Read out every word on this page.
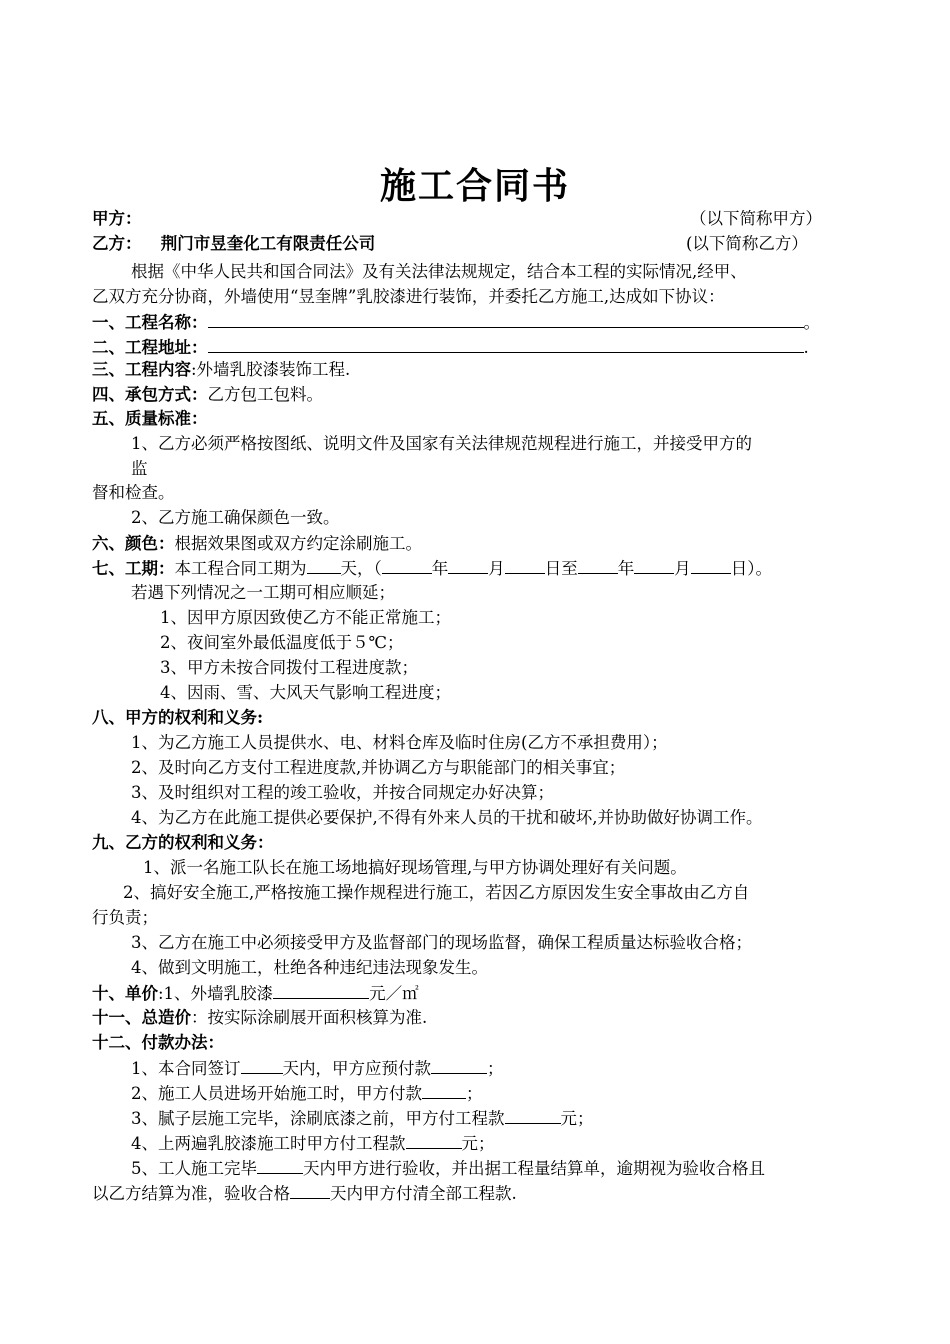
施工合同书
甲方：	（以下简称甲方）
乙方： 荆门市昱奎化工有限责任公司	(以下简称乙方）
根据《中华人民共和国合同法》及有关法律法规规定，结合本工程的实际情况,经甲、
乙双方充分协商，外墙使用“昱奎牌”乳胶漆进行装饰，并委托乙方施工,达成如下协议：
一、工程名称：	。
二、工程地址：	.
三、工程内容:外墙乳胶漆装饰工程.
四、承包方式：乙方包工包料。
五、质量标准：
1、乙方必须严格按图纸、说明文件及国家有关法律规范规程进行施工，并接受甲方的
监
督和检查。
2、乙方施工确保颜色一致。
六、颜色：根据效果图或双方约定涂刷施工。
七、工期：本工程合同工期为 天，（	年 月 日至 年 月 日）。
若遇下列情况之一工期可相应顺延；
1、因甲方原因致使乙方不能正常施工；
2、夜间室外最低温度低于５℃；
3、甲方未按合同拨付工程进度款；
4、因雨、雪、大风天气影响工程进度；
八、甲方的权利和义务:
1、为乙方施工人员提供水、电、材料仓库及临时住房(乙方不承担费用）；
2、及时向乙方支付工程进度款,并协调乙方与职能部门的相关事宜；
3、及时组织对工程的竣工验收，并按合同规定办好决算；
4、为乙方在此施工提供必要保护,不得有外来人员的干扰和破坏,并协助做好协调工作。
九、乙方的权利和义务：
1、派一名施工队长在施工场地搞好现场管理,与甲方协调处理好有关问题。
2、搞好安全施工,严格按施工操作规程进行施工，若因乙方原因发生安全事故由乙方自
行负责；
3、乙方在施工中必须接受甲方及监督部门的现场监督，确保工程质量达标验收合格；
4、做到文明施工，杜绝各种违纪违法现象发生。
十、单价:1、外墙乳胶漆	元／㎡
十一、总造价：按实际涂刷展开面积核算为准.
十二、付款办法：
1、本合同签订	天内，甲方应预付款	；
2、施工人员进场开始施工时，甲方付款	；
3、腻子层施工完毕，涂刷底漆之前，甲方付工程款	元；
4、上两遍乳胶漆施工时甲方付工程款	元；
5、工人施工完毕	天内甲方进行验收，并出据工程量结算单，逾期视为验收合格且
以乙方结算为准，验收合格 天内甲方付清全部工程款.
